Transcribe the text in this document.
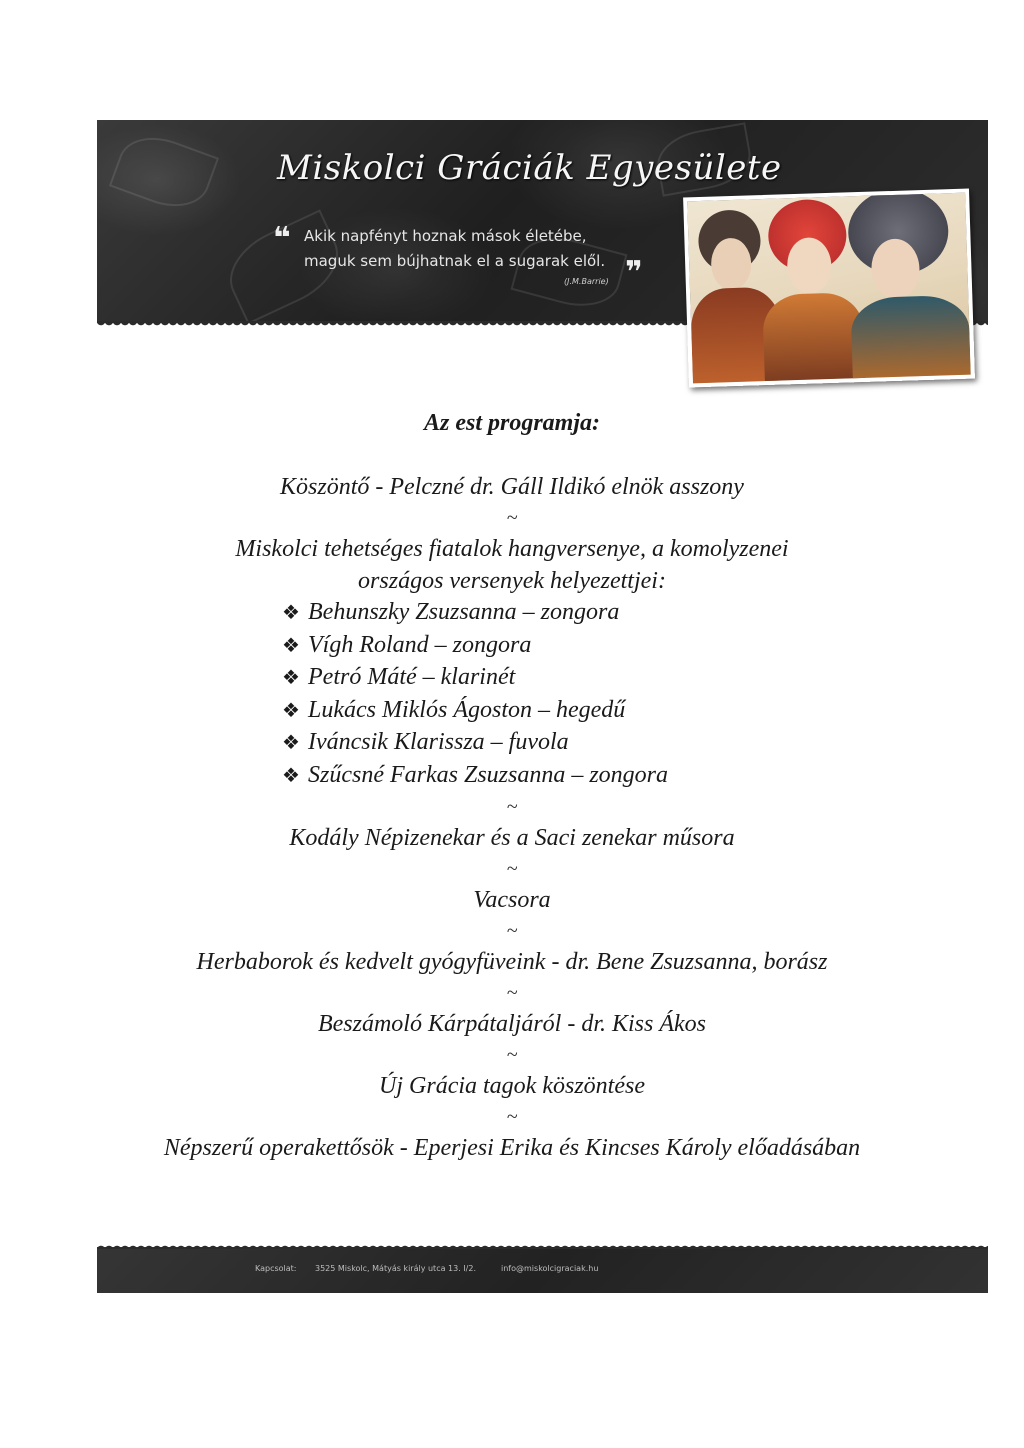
Miskolci Gráciák Egyesülete
❝ Akik napfényt hoznak mások életébe,
maguk sem bújhatnak el a sugarak elől. ❞
(J.M.Barrie)

Az est programja:

Köszöntő - Pelczné dr. Gáll Ildikó elnök asszony

~

Miskolci tehetséges fiatalok hangversenye, a komolyzenei

országos versenyek helyezettjei:

❖ Behunszky Zsuzsanna – zongora
❖ Vígh Roland – zongora
❖ Petró Máté – klarinét
❖ Lukács Miklós Ágoston – hegedű
❖ Iváncsik Klarissza – fuvola
❖ Szűcsné Farkas Zsuzsanna – zongora

~

Kodály Népizenekar és a Saci zenekar műsora

~

Vacsora

~

Herbaborok és kedvelt gyógyfüveink - dr. Bene Zsuzsanna, borász

~

Beszámoló Kárpátaljáról - dr. Kiss Ákos

~

Új Grácia tagok köszöntése

~

Népszerű operakettősök - Eperjesi Erika és Kincses Károly előadásában

Kapcsolat: 3525 Miskolc, Mátyás király utca 13. I/2.	info@miskolcigraciak.hu
